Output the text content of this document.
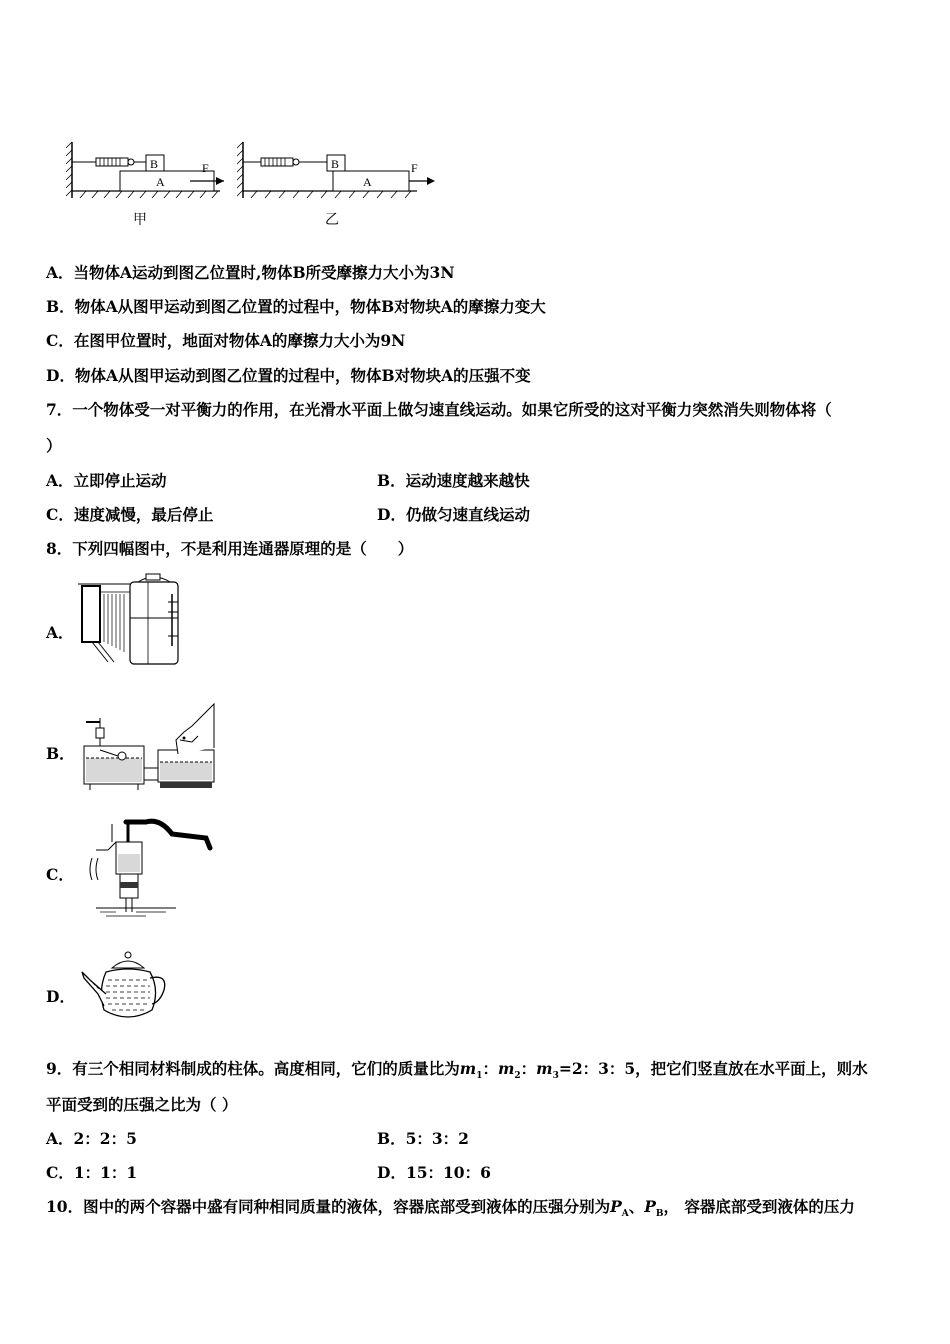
B
A
F
甲
B
A
F
乙
A．当物体A运动到图乙位置时,物体B所受摩擦力大小为3N
B．物体A从图甲运动到图乙位置的过程中，物体B对物块A的摩擦力变大
C．在图甲位置时，地面对物体A的摩擦力大小为9N
D．物体A从图甲运动到图乙位置的过程中，物体B对物块A的压强不变
7．一个物体受一对平衡力的作用，在光滑水平面上做匀速直线运动。如果它所受的这对平衡力突然消失则物体将（
）
A．立即停止运动	B．运动速度越来越快
C．速度减慢，最后停止	D．仍做匀速直线运动
8．下列四幅图中，不是利用连通器原理的是（　　）
A．
B．
C．
D．
9．有三个相同材料制成的柱体。高度相同，它们的质量比为$m_1$：$m_2$：$m_3=2$：3：5，把它们竖直放在水平面上，则水
平面受到的压强之比为（ ）
A．2：2：5	B．5：3：2
C．1：1：1	D．15：10：6
10．图中的两个容器中盛有同种相同质量的液体，容器底部受到液体的压强分别为$P_A$、$P_B$， 容器底部受到液体的压力
